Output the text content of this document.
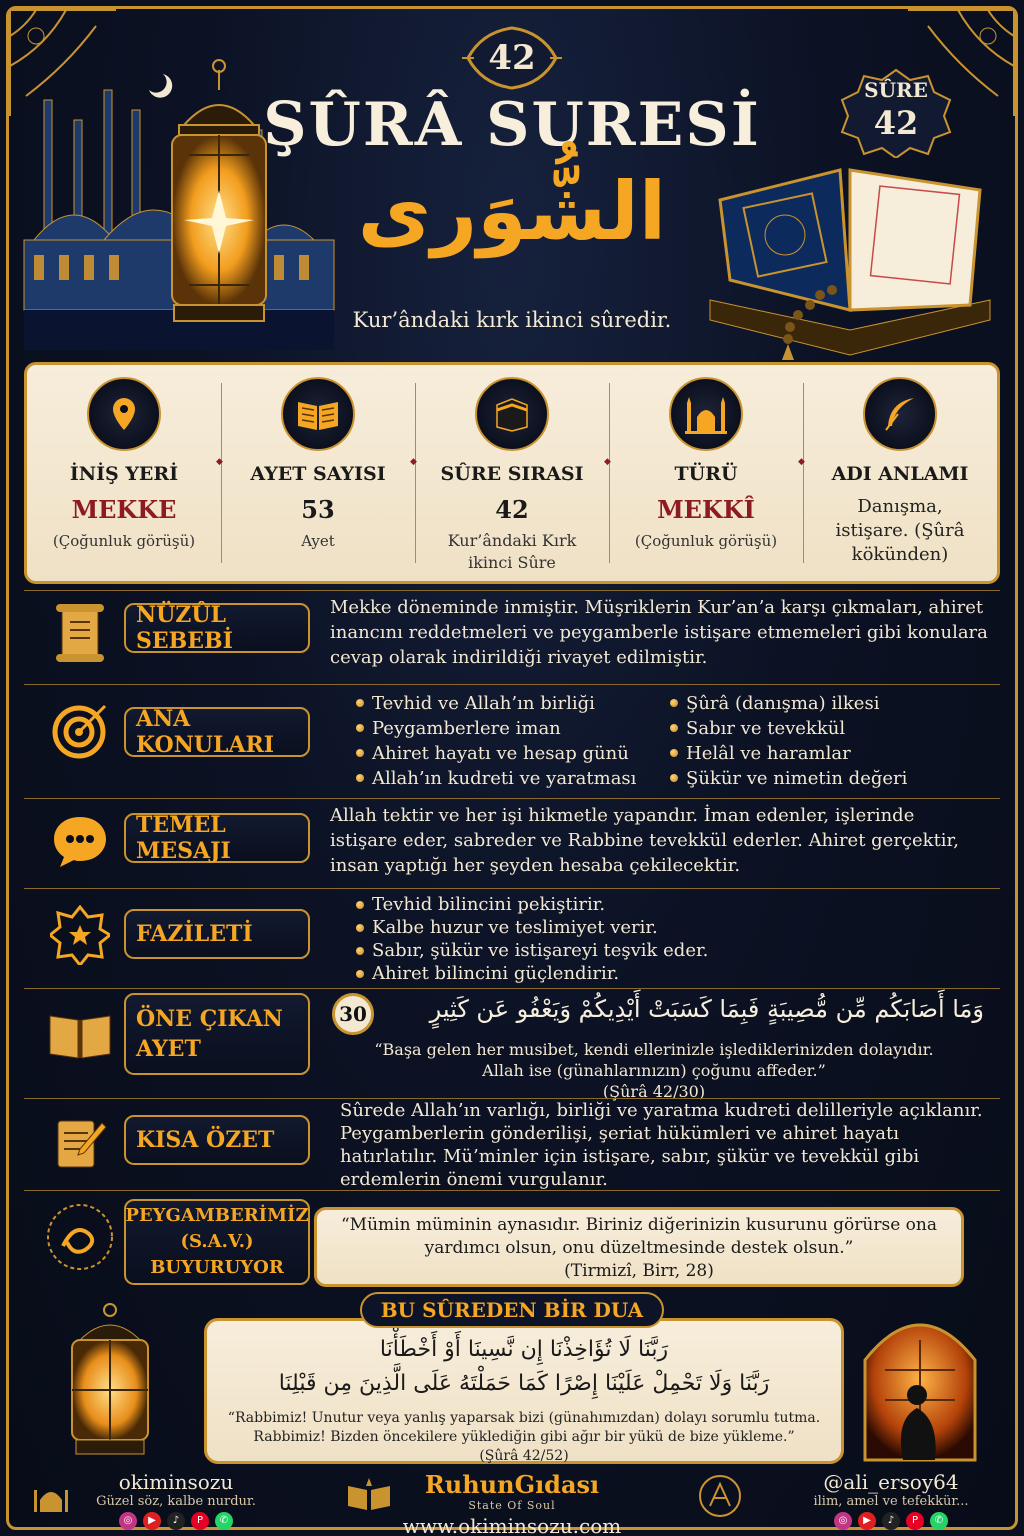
42
ŞÛRÂ SURESİ
الشُّوَرى
Kur’ândaki kırk ikinci sûredir.
SÛRE
42
İNİŞ YERİ
MEKKE
(Çoğunluk görüşü)
AYET SAYISI
53
Ayet
◆
SÛRE SIRASI
42
Kur’ândaki Kırk ikinci Sûre
◆
TÜRÜ
MEKKÎ
(Çoğunluk görüşü)
◆
ADI ANLAMI
Danışma, istişare. (Şûrâ kökünden)
◆
NÜZÛL SEBEBİ
Mekke döneminde inmiştir. Müşriklerin Kur’an’a karşı çıkmaları, ahiret inancını reddetmeleri ve peygamberle istişare etmemeleri gibi konulara cevap olarak indirildiği rivayet edilmiştir.
ANA KONULARI
Tevhid ve Allah’ın birliği
Peygamberlere iman
Ahiret hayatı ve hesap günü
Allah’ın kudreti ve yaratması
Şûrâ (danışma) ilkesi
Sabır ve tevekkül
Helâl ve haramlar
Şükür ve nimetin değeri
TEMEL MESAJI
Allah tektir ve her işi hikmetle yapandır. İman edenler, işlerinde istişare eder, sabreder ve Rabbine tevekkül ederler. Ahiret gerçektir, insan yaptığı her şeyden hesaba çekilecektir.
FAZİLETİ
Tevhid bilincini pekiştirir.
Kalbe huzur ve teslimiyet verir.
Sabır, şükür ve istişareyi teşvik eder.
Ahiret bilincini güçlendirir.
ÖNE ÇIKAN
AYET
30	وَمَا أَصَابَكُم مِّن مُّصِيبَةٍ فَبِمَا كَسَبَتْ أَيْدِيكُمْ وَيَعْفُو عَن كَثِيرٍ
“Başa gelen her musibet, kendi ellerinizle işlediklerinizden dolayıdır. Allah ise (günahlarınızın) çoğunu affeder.”
(Şûrâ 42/30)
KISA ÖZET
Sûrede Allah’ın varlığı, birliği ve yaratma kudreti delilleriyle açıklanır. Peygamberlerin gönderilişi, şeriat hükümleri ve ahiret hayatı hatırlatılır. Mü’minler için istişare, sabır, şükür ve tevekkül gibi erdemlerin önemi vurgulanır.
PEYGAMBERİMİZ
(S.A.V.)
BUYURUYOR
“Mümin müminin aynasıdır. Biriniz diğerinizin kusurunu görürse ona yardımcı olsun, onu düzeltmesinde destek olsun.”
(Tirmizî, Birr, 28)
رَبَّنَا لَا تُؤَاخِذْنَا إِن نَّسِينَا أَوْ أَخْطَأْنَا
رَبَّنَا وَلَا تَحْمِلْ عَلَيْنَا إِصْرًا كَمَا حَمَلْتَهُ عَلَى الَّذِينَ مِن قَبْلِنَا
“Rabbimiz! Unutur veya yanlış yaparsak bizi (günahımızdan) dolayı sorumlu tutma.
Rabbimiz! Bizden öncekilere yüklediğin gibi ağır bir yükü de bize yükleme.”
(Şûrâ 42/52)
BU SÛREDEN BİR DUA
okiminsozu
Güzel söz, kalbe nurdur.
◎	▶	♪	P	✆
RuhunGıdası
State Of Soul
www.okiminsozu.com
@ali_ersoy64
ilim, amel ve tefekkür...
◎	▶	♪	P	✆
